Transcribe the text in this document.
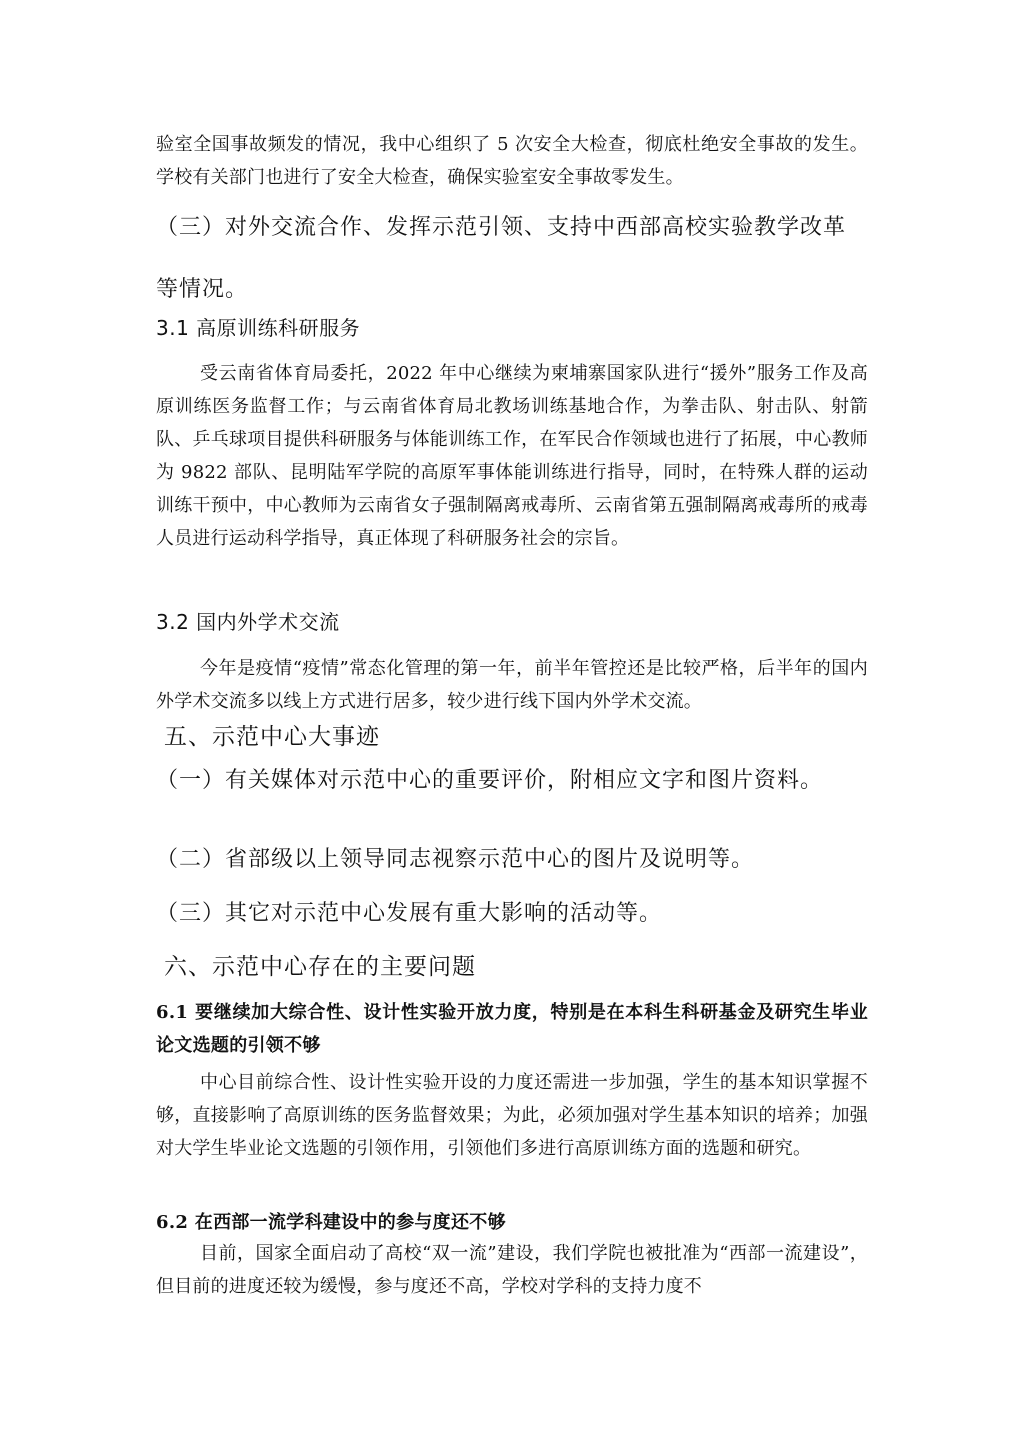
验室全国事故频发的情况，我中心组织了 5 次安全大检查，彻底杜绝安全事故的发生。学校有关部门也进行了安全大检查，确保实验室安全事故零发生。

（三）对外交流合作、发挥示范引领、支持中西部高校实验教学改革等情况。

3.1 高原训练科研服务

受云南省体育局委托，2022 年中心继续为柬埔寨国家队进行“援外”服务工作及高原训练医务监督工作；与云南省体育局北教场训练基地合作，为拳击队、射击队、射箭队、乒乓球项目提供科研服务与体能训练工作，在军民合作领域也进行了拓展，中心教师为 9822 部队、昆明陆军学院的高原军事体能训练进行指导，同时，在特殊人群的运动训练干预中，中心教师为云南省女子强制隔离戒毒所、云南省第五强制隔离戒毒所的戒毒人员进行运动科学指导，真正体现了科研服务社会的宗旨。

3.2 国内外学术交流

今年是疫情“疫情”常态化管理的第一年，前半年管控还是比较严格，后半年的国内外学术交流多以线上方式进行居多，较少进行线下国内外学术交流。

五、示范中心大事迹

（一）有关媒体对示范中心的重要评价，附相应文字和图片资料。

（二）省部级以上领导同志视察示范中心的图片及说明等。

（三）其它对示范中心发展有重大影响的活动等。

六、示范中心存在的主要问题

6.1 要继续加大综合性、设计性实验开放力度，特别是在本科生科研基金及研究生毕业论文选题的引领不够

中心目前综合性、设计性实验开设的力度还需进一步加强，学生的基本知识掌握不够，直接影响了高原训练的医务监督效果；为此，必须加强对学生基本知识的培养；加强对大学生毕业论文选题的引领作用，引领他们多进行高原训练方面的选题和研究。

6.2 在西部一流学科建设中的参与度还不够

目前，国家全面启动了高校“双一流”建设，我们学院也被批准为“西部一流建设”，但目前的进度还较为缓慢，参与度还不高，学校对学科的支持力度不
